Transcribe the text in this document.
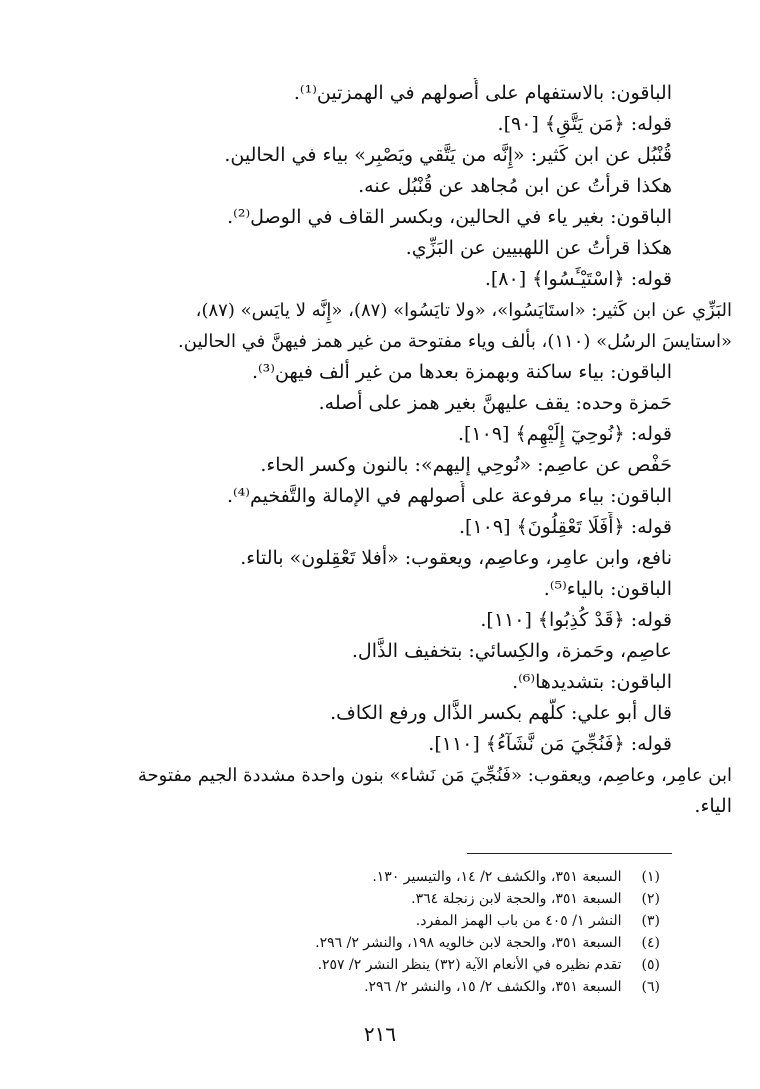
الباقون: بالاستفهام على أُصولهم في الهمزتين⁽¹⁾.
قوله: ﴿مَن يَتَّقِ﴾ [٩٠].
قُنْبُل عن ابن كَثير: «إِنَّه من يَتَّقي ويَصْبِر» بياء في الحالين.
هكذا قرأتُ عن ابن مُجاهد عن قُنْبُل عنه.
الباقون: بغير ياء في الحالين، وبكسر القاف في الوصل⁽²⁾.
هكذا قرأتُ عن اللهبيين عن البَزِّي.
قوله: ﴿اسْتَيْـَٔسُوا﴾ [٨٠].
البَزِّي عن ابن كَثير: «استَايَسُوا»، «ولا تايَسُوا» (٨٧)، «إِنَّه لا يايَس» (٨٧)،
«استايسَ الرسُل» (١١٠)، بألف وياء مفتوحة من غير همز فيهنَّ في الحالين.
الباقون: بياء ساكنة وبهمزة بعدها من غير ألف فيهن⁽³⁾.
حَمزة وحده: يقف عليهنَّ بغير همز على أصله.
قوله: ﴿نُوحِيٓ إِلَيْهِم﴾ [١٠٩].
حَفْص عن عاصِم: «نُوحِي إليهم»: بالنون وكسر الحاء.
الباقون: بياء مرفوعة على أُصولهم في الإمالة والتَّفخيم⁽⁴⁾.
قوله: ﴿أَفَلَا تَعْقِلُونَ﴾ [١٠٩].
نافع، وابن عامِر، وعاصِم، ويعقوب: «أفلا تَعْقِلون» بالتاء.
الباقون: بالياء⁽⁵⁾.
قوله: ﴿قَدْ كُذِبُوا﴾ [١١٠].
عاصِم، وحَمزة، والكِسائي: بتخفيف الذَّال.
الباقون: بتشديدها⁽⁶⁾.
قال أبو علي: كلُّهم بكسر الذَّال ورفع الكاف.
قوله: ﴿فَنُجِّيَ مَن نَّشَآءُ﴾ [١١٠].
ابن عامِر، وعاصِم، ويعقوب: «فَنُجِّيَ مَن نَشاء» بنون واحدة مشددة الجيم مفتوحة
الياء.
(١) السبعة ٣٥١، والكشف ٢/ ١٤، والتيسير ١٣٠.
(٢) السبعة ٣٥١، والحجة لابن زنجلة ٣٦٤.
(٣) النشر ١/ ٤٠٥ من باب الهمز المفرد.
(٤) السبعة ٣٥١، والحجة لابن خالويه ١٩٨، والنشر ٢/ ٢٩٦.
(٥) تقدم نظيره في الأنعام الآية (٣٢) ينظر النشر ٢/ ٢٥٧.
(٦) السبعة ٣٥١، والكشف ٢/ ١٥، والنشر ٢/ ٢٩٦.
٢١٦
